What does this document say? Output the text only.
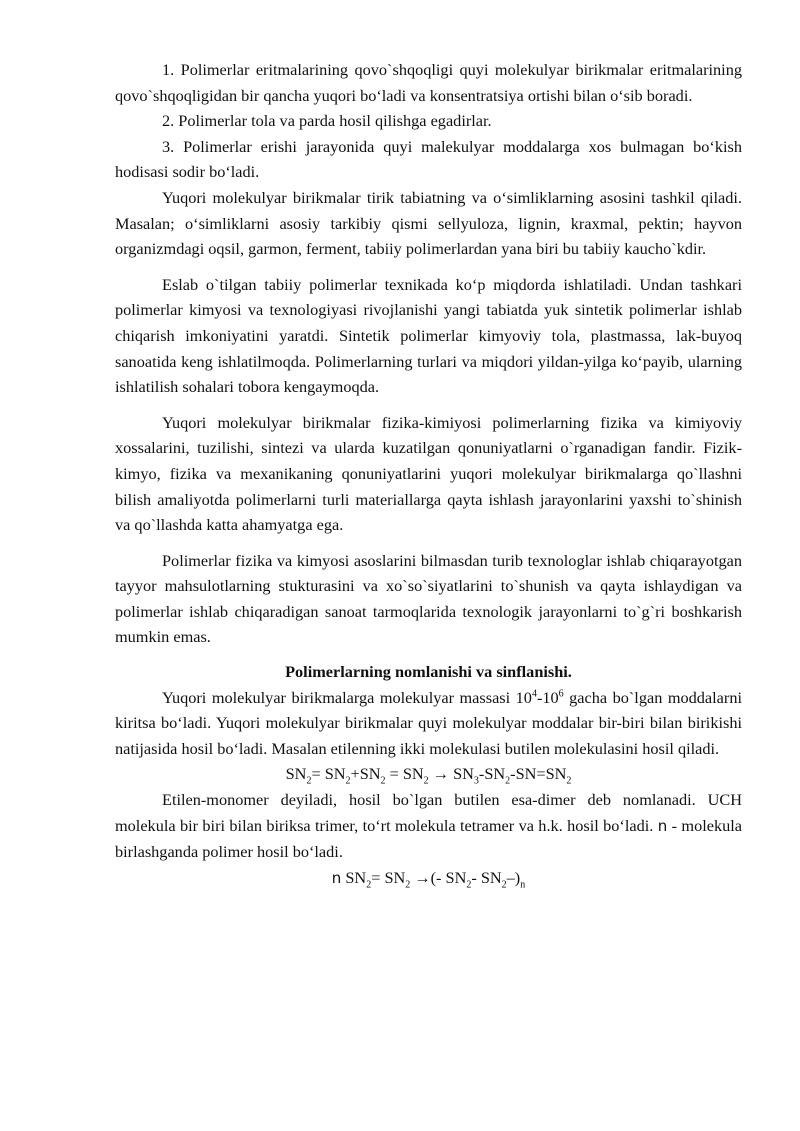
1. Polimerlar eritmalarining qovo`shqoqligi quyi molekulyar birikmalar eritmalarining qovo`shqoqligidan bir qancha yuqori bo‘ladi va konsentratsiya ortishi bilan o‘sib boradi.

2. Polimerlar tola va parda hosil qilishga egadirlar.

3. Polimerlar erishi jarayonida quyi malekulyar moddalarga xos bulmagan bo‘kish hodisasi sodir bo‘ladi.

Yuqori molekulyar birikmalar tirik tabiatning va o‘simliklarning asosini tashkil qiladi. Masalan; o‘simliklarni asosiy tarkibiy qismi sellyuloza, lignin, kraxmal, pektin; hayvon organizmdagi oqsil, garmon, ferment, tabiiy polimerlardan yana biri bu tabiiy kaucho`kdir.

Eslab o`tilgan tabiiy polimerlar texnikada ko‘p miqdorda ishlatiladi. Undan tashkari polimerlar kimyosi va texnologiyasi rivojlanishi yangi tabiatda yuk sintetik polimerlar ishlab chiqarish imkoniyatini yaratdi. Sintetik polimerlar kimyoviy tola, plastmassa, lak-buyoq sanoatida keng ishlatilmoqda. Polimerlarning turlari va miqdori yildan-yilga ko‘payib, ularning ishlatilish sohalari tobora kengaymoqda.

Yuqori molekulyar birikmalar fizika-kimiyosi polimerlarning fizika va kimiyoviy xossalarini, tuzilishi, sintezi va ularda kuzatilgan qonuniyatlarni o`rganadigan fandir. Fizik- kimyo, fizika va mexanikaning qonuniyatlarini yuqori molekulyar birikmalarga qo`llashni bilish amaliyotda polimerlarni turli materiallarga qayta ishlash jarayonlarini yaxshi to`shinish va qo`llashda katta ahamyatga ega.

Polimerlar fizika va kimyosi asoslarini bilmasdan turib texnologlar ishlab chiqarayotgan tayyor mahsulotlarning stukturasini va xo`so`siyatlarini to`shunish va qayta ishlaydigan va polimerlar ishlab chiqaradigan sanoat tarmoqlarida texnologik jarayonlarni to`g`ri boshkarish mumkin emas.

Polimerlarning nomlanishi va sinflanishi.

Yuqori molekulyar birikmalarga molekulyar massasi $10^4-10^6$ gacha bo`lgan moddalarni kiritsa bo‘ladi. Yuqori molekulyar birikmalar quyi molekulyar moddalar bir-biri bilan birikishi natijasida hosil bo‘ladi. Masalan etilenning ikki molekulasi butilen molekulasini hosil qiladi.

$SN_2= SN_2+SN_2 = SN_2 \to SN_3-SN_2-SN=SN_2$

Etilen-monomer deyiladi, hosil bo`lgan butilen esa-dimer deb nomlanadi. UCH molekula bir biri bilan biriksa trimer, to‘rt molekula tetramer va h.k. hosil bo‘ladi. n - molekula birlashganda polimer hosil bo‘ladi.

n $SN_2= SN_2$ →(- $SN_2-$ $SN_2-)_n$
